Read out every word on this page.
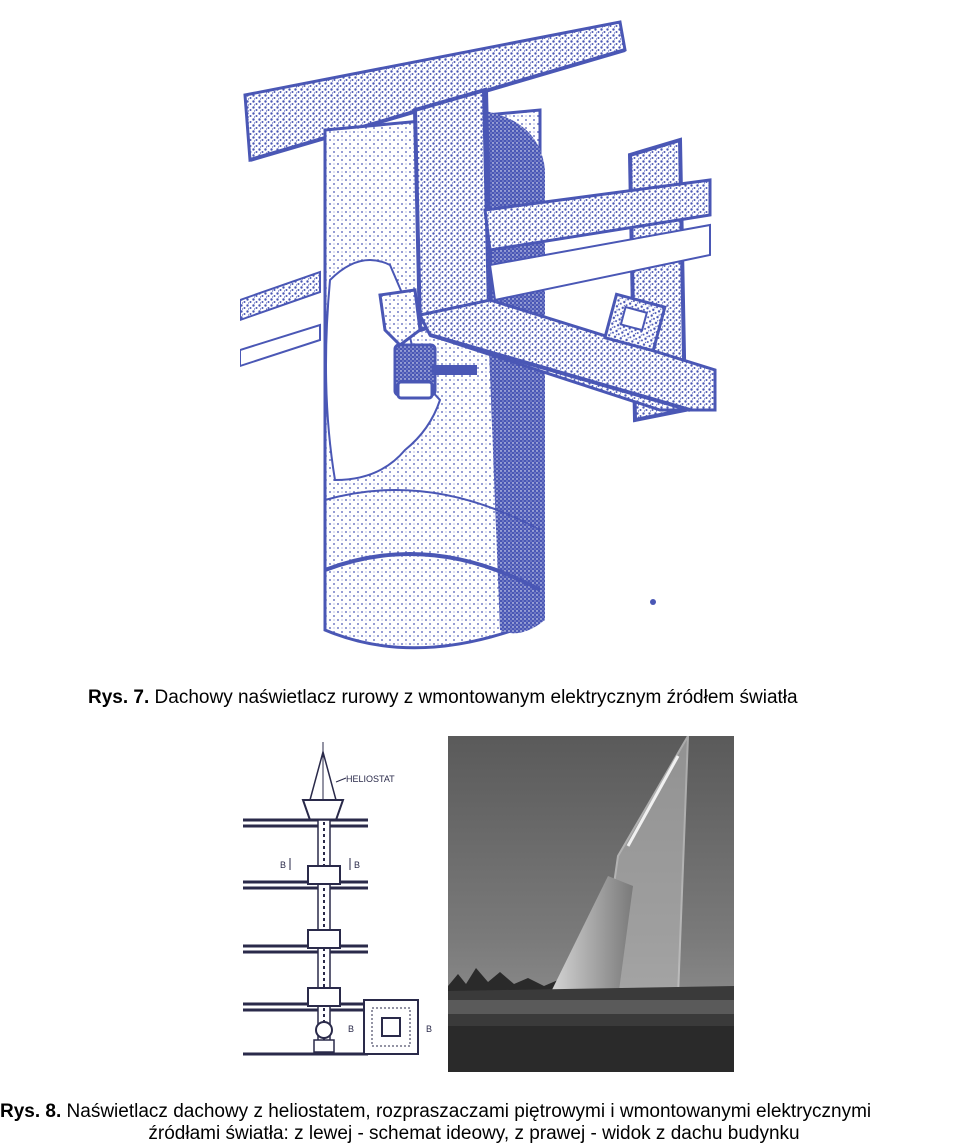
Rys. 7. Dachowy naświetlacz rurowy z wmontowanym elektrycznym źródłem światła
HELIOSTAT
B	B
B	B
Rys. 8. Naświetlacz dachowy z heliostatem, rozpraszaczami piętrowymi i wmontowanymi elektrycznymi
źródłami światła: z lewej - schemat ideowy, z prawej - widok z dachu budynku
